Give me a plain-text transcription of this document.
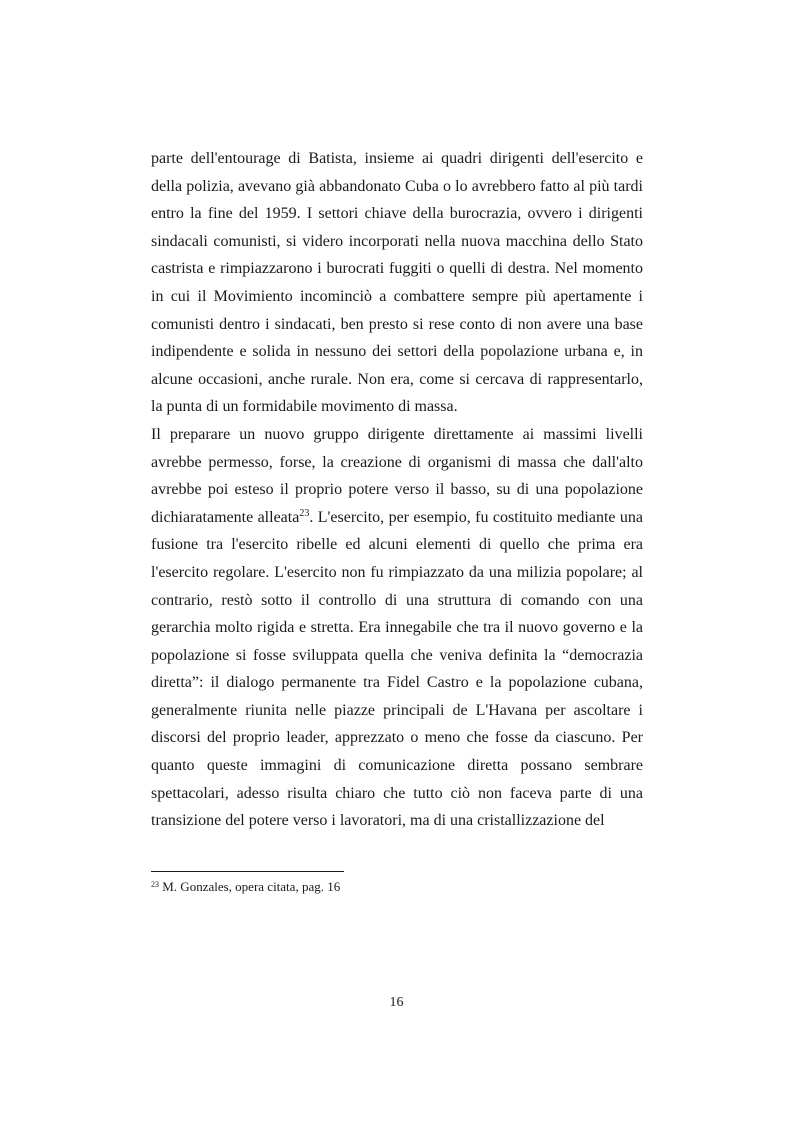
parte dell'entourage di Batista, insieme ai quadri dirigenti dell'esercito e della polizia, avevano già abbandonato Cuba o lo avrebbero fatto al più tardi entro la fine del 1959. I settori chiave della burocrazia, ovvero i dirigenti sindacali comunisti, si videro incorporati nella nuova macchina dello Stato castrista e rimpiazzarono i burocrati fuggiti o quelli di destra. Nel momento in cui il Movimiento incominciò a combattere sempre più apertamente i comunisti dentro i sindacati, ben presto si rese conto di non avere una base indipendente e solida in nessuno dei settori della popolazione urbana e, in alcune occasioni, anche rurale. Non era, come si cercava di rappresentarlo, la punta di un formidabile movimento di massa.

Il preparare un nuovo gruppo dirigente direttamente ai massimi livelli avrebbe permesso, forse, la creazione di organismi di massa che dall'alto avrebbe poi esteso il proprio potere verso il basso, su di una popolazione dichiaratamente alleata$^{23}$. L'esercito, per esempio, fu costituito mediante una fusione tra l'esercito ribelle ed alcuni elementi di quello che prima era l'esercito regolare. L'esercito non fu rimpiazzato da una milizia popolare; al contrario, restò sotto il controllo di una struttura di comando con una gerarchia molto rigida e stretta. Era innegabile che tra il nuovo governo e la popolazione si fosse sviluppata quella che veniva definita la “democrazia diretta”: il dialogo permanente tra Fidel Castro e la popolazione cubana, generalmente riunita nelle piazze principali de L'Havana per ascoltare i discorsi del proprio leader, apprezzato o meno che fosse da ciascuno. Per quanto queste immagini di comunicazione diretta possano sembrare spettacolari, adesso risulta chiaro che tutto ciò non faceva parte di una transizione del potere verso i lavoratori, ma di una cristallizzazione del

$^{23}$ M. Gonzales, opera citata, pag. 16
16
